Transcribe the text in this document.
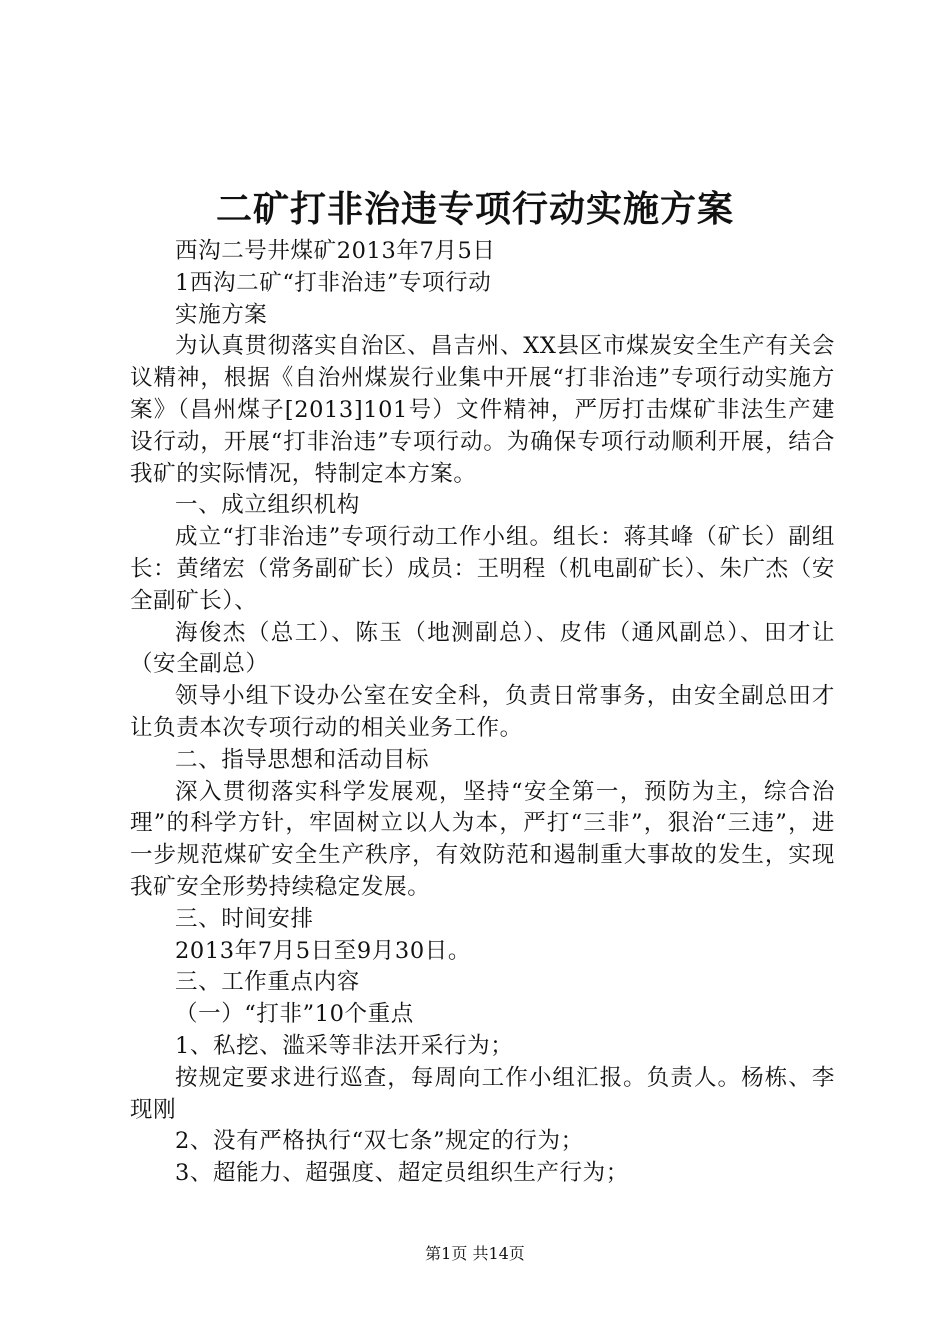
二矿打非治违专项行动实施方案

西沟二号井煤矿2013年7月5日

1西沟二矿“打非治违”专项行动

实施方案

为认真贯彻落实自治区、昌吉州、XX县区市煤炭安全生产有关会议精神，根据《自治州煤炭行业集中开展“打非治违”专项行动实施方案》（昌州煤子[2013]101号）文件精神，严厉打击煤矿非法生产建设行动，开展“打非治违”专项行动。为确保专项行动顺利开展，结合我矿的实际情况，特制定本方案。

一、成立组织机构

成立“打非治违”专项行动工作小组。组长：蒋其峰（矿长）副组长：黄绪宏（常务副矿长）成员：王明程（机电副矿长）、朱广杰（安全副矿长）、

海俊杰（总工）、陈玉（地测副总）、皮伟（通风副总）、田才让（安全副总）

领导小组下设办公室在安全科，负责日常事务，由安全副总田才让负责本次专项行动的相关业务工作。

二、指导思想和活动目标

深入贯彻落实科学发展观，坚持“安全第一，预防为主，综合治理”的科学方针，牢固树立以人为本，严打“三非”，狠治“三违”，进一步规范煤矿安全生产秩序，有效防范和遏制重大事故的发生，实现我矿安全形势持续稳定发展。

三、时间安排

2013年7月5日至9月30日。

三、工作重点内容

（一）“打非”10个重点

1、私挖、滥采等非法开采行为；

按规定要求进行巡查，每周向工作小组汇报。负责人。杨栋、李现刚

2、没有严格执行“双七条”规定的行为；

3、超能力、超强度、超定员组织生产行为；

第1页 共14页
